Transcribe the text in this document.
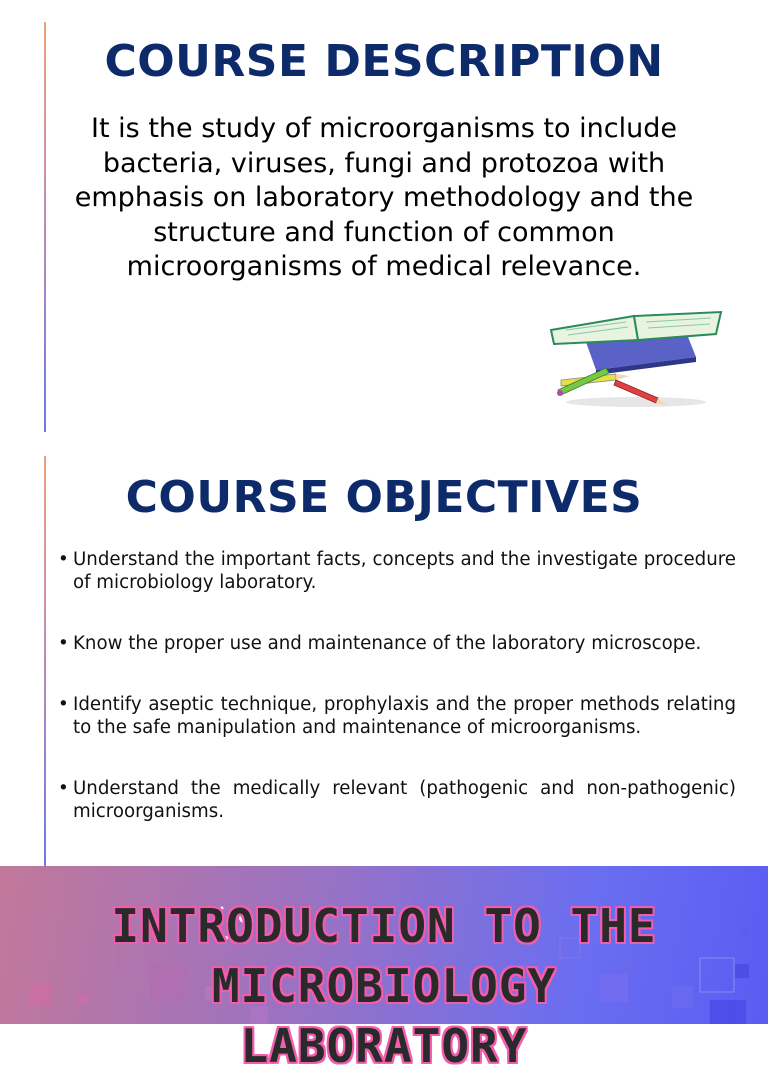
COURSE DESCRIPTION

It is the study of microorganisms to include bacteria, viruses, fungi and protozoa with emphasis on laboratory methodology and the structure and function of common microorganisms of medical relevance.

COURSE OBJECTIVES
• Understand the important facts, concepts and the investigate procedure of microbiology laboratory.
• Know the proper use and maintenance of the laboratory microscope.
• Identify aseptic technique, prophylaxis and the proper methods relating to the safe manipulation and maintenance of microorganisms.
• Understand the medically relevant (pathogenic and non-pathogenic) microorganisms.
INTRODUCTION TO THE
MICROBIOLOGY
LABORATORY
